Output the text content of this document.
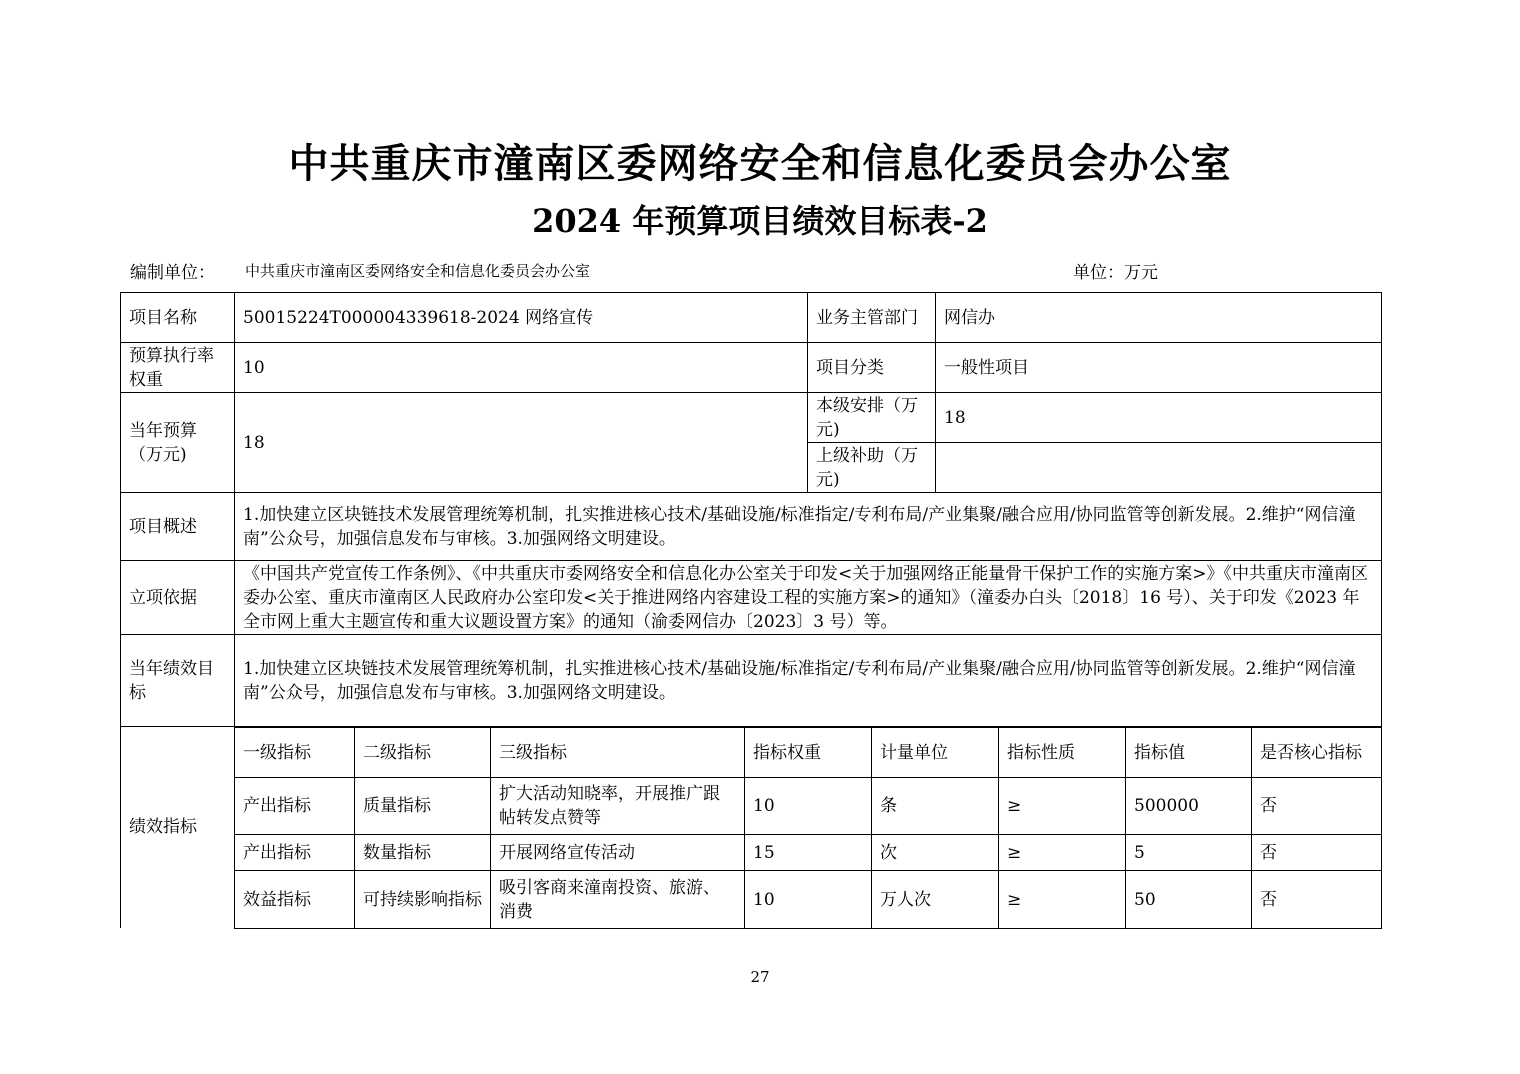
中共重庆市潼南区委网络安全和信息化委员会办公室
2024 年预算项目绩效目标表-2
编制单位： 中共重庆市潼南区委网络安全和信息化委员会办公室	单位：万元
项目名称	50015224T000004339618-2024 网络宣传	业务主管部门	网信办
预算执行率权重	10	项目分类	一般性项目
当年预算（万元)	18	本级安排（万元)	18
		上级补助（万元)	
项目概述	1.加快建立区块链技术发展管理统筹机制，扎实推进核心技术/基础设施/标准指定/专利布局/产业集聚/融合应用/协同监管等创新发展。2.维护“网信潼南”公众号，加强信息发布与审核。3.加强网络文明建设。		
立项依据	《中国共产党宣传工作条例》、《中共重庆市委网络安全和信息化办公室关于印发<关于加强网络正能量骨干保护工作的实施方案>》《中共重庆市潼南区委办公室、重庆市潼南区人民政府办公室印发<关于推进网络内容建设工程的实施方案>的通知》（潼委办白头〔2018〕16 号）、关于印发《2023 年全市网上重大主题宣传和重大议题设置方案》的通知（渝委网信办〔2023〕3 号）等。		
当年绩效目标	1.加快建立区块链技术发展管理统筹机制，扎实推进核心技术/基础设施/标准指定/专利布局/产业集聚/融合应用/协同监管等创新发展。2.维护“网信潼南”公众号，加强信息发布与审核。3.加强网络文明建设。		
绩效指标			
一级指标	二级指标	三级指标	指标权重	计量单位	指标性质	指标值	是否核心指标
产出指标	质量指标	扩大活动知晓率，开展推广跟帖转发点赞等	10	条	≥	500000	否
产出指标	数量指标	开展网络宣传活动	15	次	≥	5	否
效益指标	可持续影响指标	吸引客商来潼南投资、旅游、消费	10	万人次	≥	50	否
27
